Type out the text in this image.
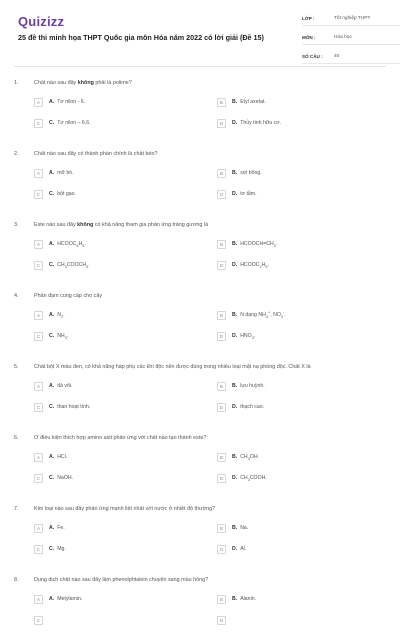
Quizizz
25 đề thi minh họa THPT Quốc gia môn Hóa năm 2022 có lời giải (Đề 15)
LỚP :	Tốt nghiệp THPT
MÔN :	Hóa học
SỐ CÂU :	40
1.	Chất nào sau đây không phải là polime?
A	A. Tơ nilon - 6.	B	B. Etyl axetat.
C	C. Tơ nilon – 6,6.	D	D. Thủy tinh hữu cơ.
2.	Chất nào sau đây có thành phần chính là chất béo?
A	A. mỡ bò.	B	B. sợi bông.
C	C. bột gạo.	D	D. tơ tằm.
3.	Este nào sau đây không có khả năng tham gia phản ứng tráng gương là
A	A. $HCOOC_6H_5$.	B	B. $HCOOCH=CH_2$.
C	C. $CH_3COOCH_3$.	D	D. $HCOOC_2H_5$.
4.	Phân đạm cung cấp cho cây
A	A. $N_2$.	B	B. N dạng $NH_4^+$, $NO_3^-$.
C	C. $NH_3$.	D	D. $HNO_3$.
5.	Chất bột X màu đen, có khả năng hấp phụ các khí độc nên được dùng trong nhiều loại mặt nạ phòng độc. Chất X là
A	A. đá vôi.	B	B. lưu huỳnh.
C	C. than hoạt tính.	D	D. thạch cao.
6.	Ở điều kiện thích hợp amino axit phản ứng với chất nào tạo thành este?
A	A. HCl.	B	B. $CH_3OH$.
C	C. NaOH.	D	D. $CH_3COOH$.
7.	Kim loại nào sau đây phản ứng mạnh liệt nhất với nước ở nhiệt độ thường?
A	A. Fe.	B	B. Na.
C	C. Mg.	D	D. Al.
8.	Dung dịch chất nào sau đây làm phenolphtalein chuyển sang màu hồng?
A	A. Metylamin.	B	B. Alanin.
C	D
